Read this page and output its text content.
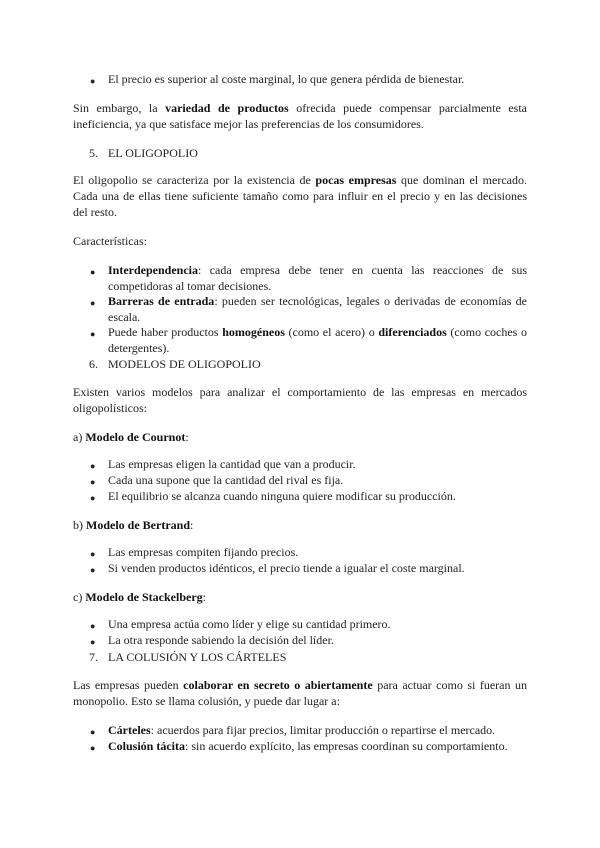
●	El precio es superior al coste marginal, lo que genera pérdida de bienestar.

Sin embargo, la variedad de productos ofrecida puede compensar parcialmente esta ineficiencia, ya que satisface mejor las preferencias de los consumidores.

5. EL OLIGOPOLIO

El oligopolio se caracteriza por la existencia de pocas empresas que dominan el mercado. Cada una de ellas tiene suficiente tamaño como para influir en el precio y en las decisiones del resto.

Características:

●	Interdependencia: cada empresa debe tener en cuenta las reacciones de sus competidoras al tomar decisiones.

●	Barreras de entrada: pueden ser tecnológicas, legales o derivadas de economías de escala.

●	Puede haber productos homogéneos (como el acero) o diferenciados (como coches o detergentes).

6. MODELOS DE OLIGOPOLIO

Existen varios modelos para analizar el comportamiento de las empresas en mercados oligopolísticos:

a) Modelo de Cournot:

●	Las empresas eligen la cantidad que van a producir.

●	Cada una supone que la cantidad del rival es fija.

●	El equilibrio se alcanza cuando ninguna quiere modificar su producción.

b) Modelo de Bertrand:

●	Las empresas compiten fijando precios.

●	Si venden productos idénticos, el precio tiende a igualar el coste marginal.

c) Modelo de Stackelberg:

●	Una empresa actúa como líder y elige su cantidad primero.

●	La otra responde sabiendo la decisión del líder.

7. LA COLUSIÓN Y LOS CÁRTELES

Las empresas pueden colaborar en secreto o abiertamente para actuar como si fueran un monopolio. Esto se llama colusión, y puede dar lugar a:

●	Cárteles: acuerdos para fijar precios, limitar producción o repartirse el mercado.

●	Colusión tácita: sin acuerdo explícito, las empresas coordinan su comportamiento.
